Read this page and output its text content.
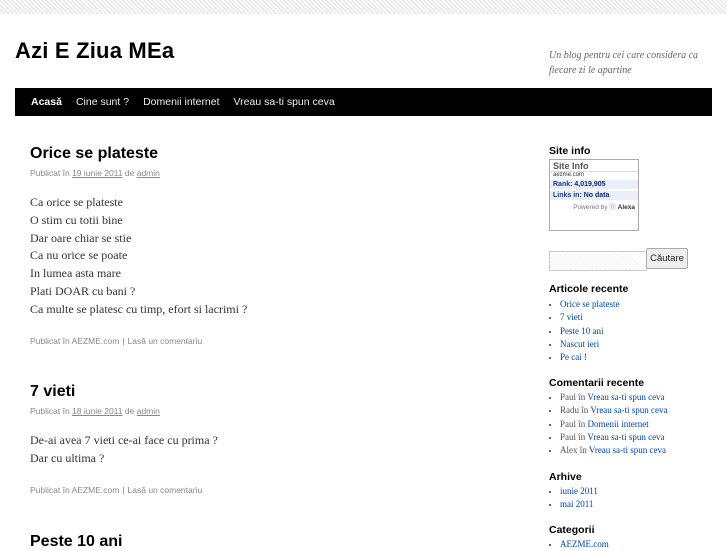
Azi E Ziua MEa	Un blog pentru cei care considera ca fiecare zi le apartine
Acasă	Cine sunt ?	Domenii internet	Vreau sa-ti spun ceva
Orice se plateste
Publicat în 19 iunie 2011 de admin
Ca orice se plateste
O stim cu totii bine
Dar oare chiar se stie
Ca nu orice se poate
In lumea asta mare
Plati DOAR cu bani ?
Ca multe se platesc cu timp, efort si lacrimi ?
Publicat în AEZME.com | Lasă un comentariu
7 vieti
Publicat în 18 iunie 2011 de admin
De-ai avea 7 vieti ce-ai face cu prima ?
Dar cu ultima ?
Publicat în AEZME.com | Lasă un comentariu
Peste 10 ani
Site info
Site Info
aezme.com
Rank: 4,019,905
Links in: No data
Powered by ⓪ Alexa
Căutare
Articole recente
• Orice se plateste
• 7 vieti
• Peste 10 ani
• Nascut ieri
• Pe cai !
Comentarii recente
• Paul în Vreau sa-ti spun ceva
• Radu în Vreau sa-ti spun ceva
• Paul în Domenii internet
• Paul în Vreau sa-ti spun ceva
• Alex în Vreau sa-ti spun ceva
Arhive
• iunie 2011
• mai 2011
Categorii
• AEZME.com
